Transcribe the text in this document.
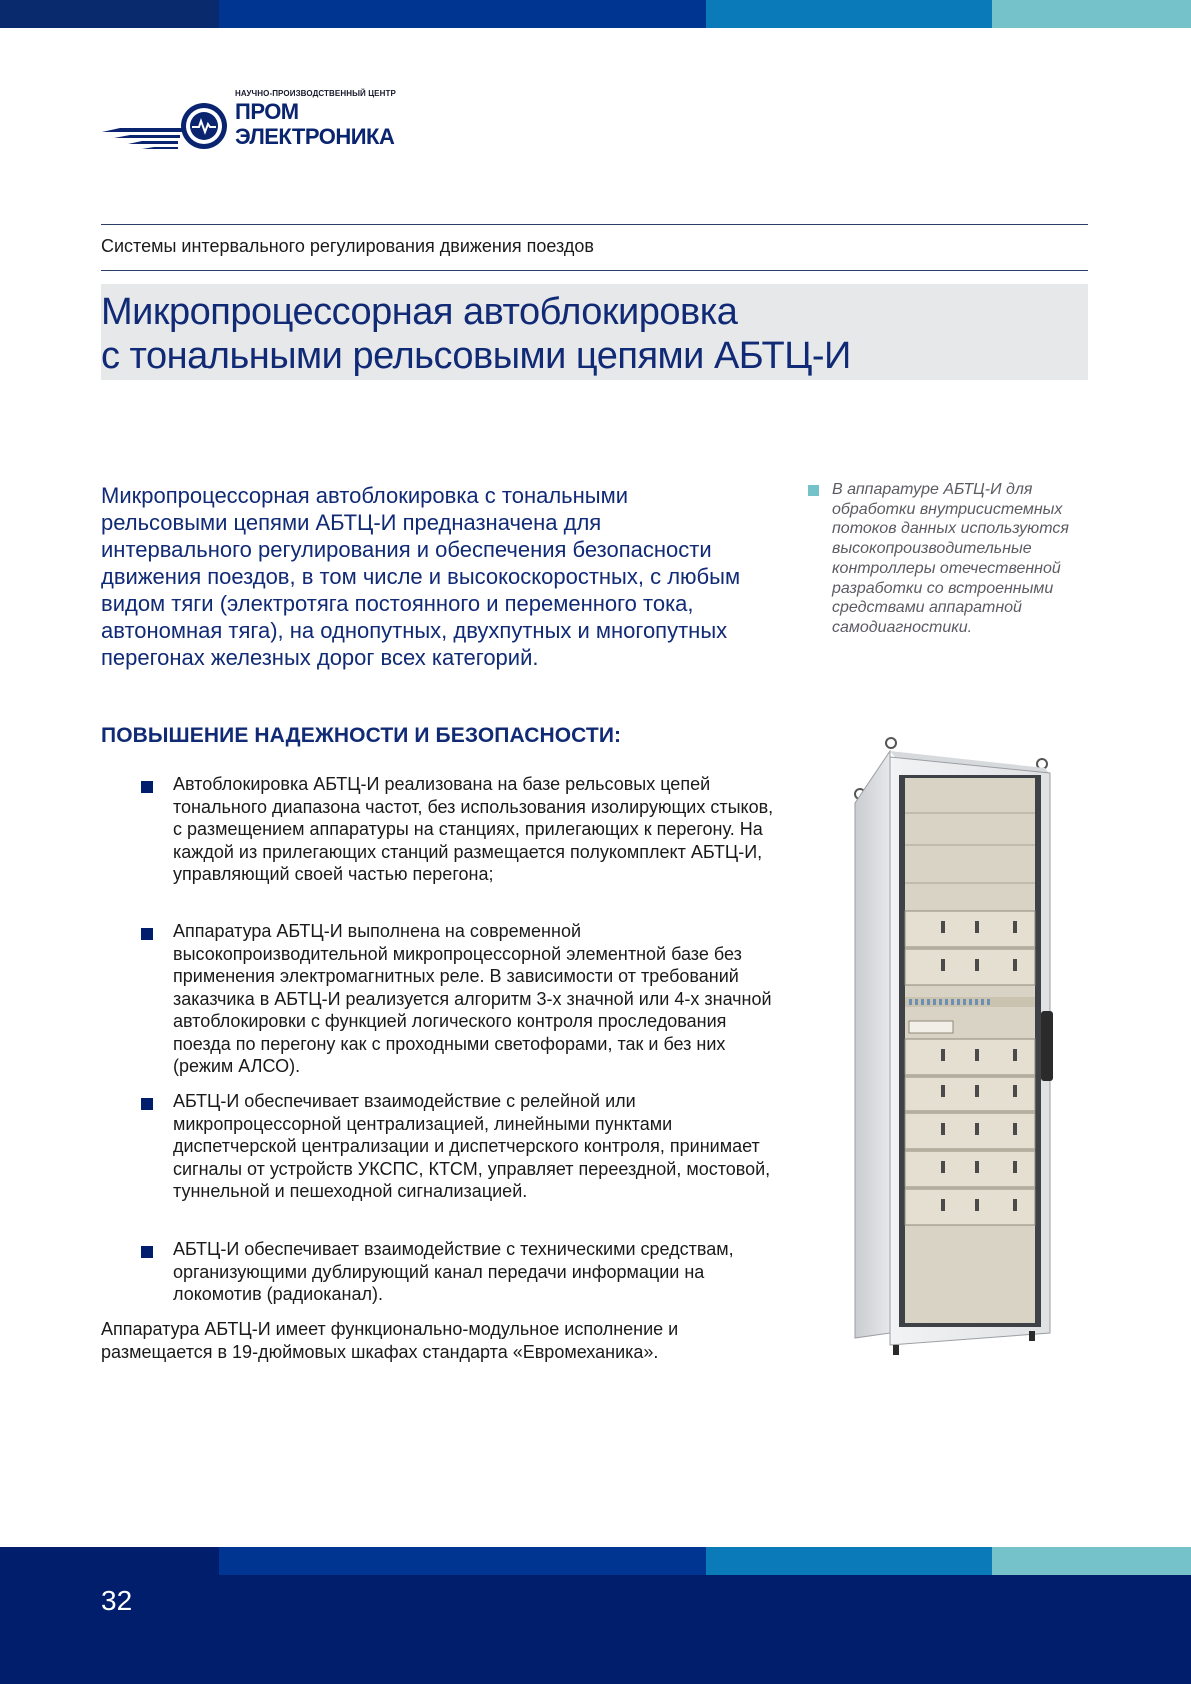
НАУЧНО-ПРОИЗВОДСТВЕННЫЙ ЦЕНТР
ПРОМ
ЭЛЕКТРОНИКА
Системы интервального регулирования движения поездов
Микропроцессорная автоблокировка
с тональными рельсовыми цепями АБТЦ-И

Микропроцессорная автоблокировка с тональными рельсовыми цепями АБТЦ-И предназначена для интервального регулирования и обеспечения безопасности движения поездов, в том числе и высокоскоростных, с любым видом тяги (электротяга постоянного и переменного тока, автономная тяга), на однопутных, двухпутных и многопутных перегонах железных дорог всех категорий.

В аппаратуре АБТЦ-И для обработки внутрисистемных потоков данных используются высокопроизводительные контроллеры отечественной разработки со встроенными средствами аппаратной самодиагностики.
ПОВЫШЕНИЕ НАДЕЖНОСТИ И БЕЗОПАСНОСТИ:
Автоблокировка АБТЦ-И реализована на базе рельсовых цепей тонального диапазона частот, без использования изолирующих стыков, с размещением аппаратуры на станциях, прилегающих к перегону. На каждой из прилегающих станций размещается полукомплект АБТЦ-И, управляющий своей частью перегона;
Аппаратура АБТЦ-И выполнена на современной высокопроизводительной микропроцессорной элементной базе без применения электромагнитных реле. В зависимости от требований заказчика в АБТЦ-И реализуется алгоритм 3-х значной или 4-х значной автоблокировки с функцией логического контроля проследования поезда по перегону как с проходными светофорами, так и без них (режим АЛСО).
АБТЦ-И обеспечивает взаимодействие с релейной или микропроцессорной централизацией, линейными пунктами диспетчерской централизации и диспетчерского контроля, принимает сигналы от устройств УКСПС, КТСМ, управляет переездной, мостовой, туннельной и пешеходной сигнализацией.
АБТЦ-И обеспечивает взаимодействие с техническими средствам, организующими дублирующий канал передачи информации на локомотив (радиоканал).
Аппаратура АБТЦ-И имеет функционально-модульное исполнение и размещается в 19-дюймовых шкафах стандарта «Евромеханика».
32
